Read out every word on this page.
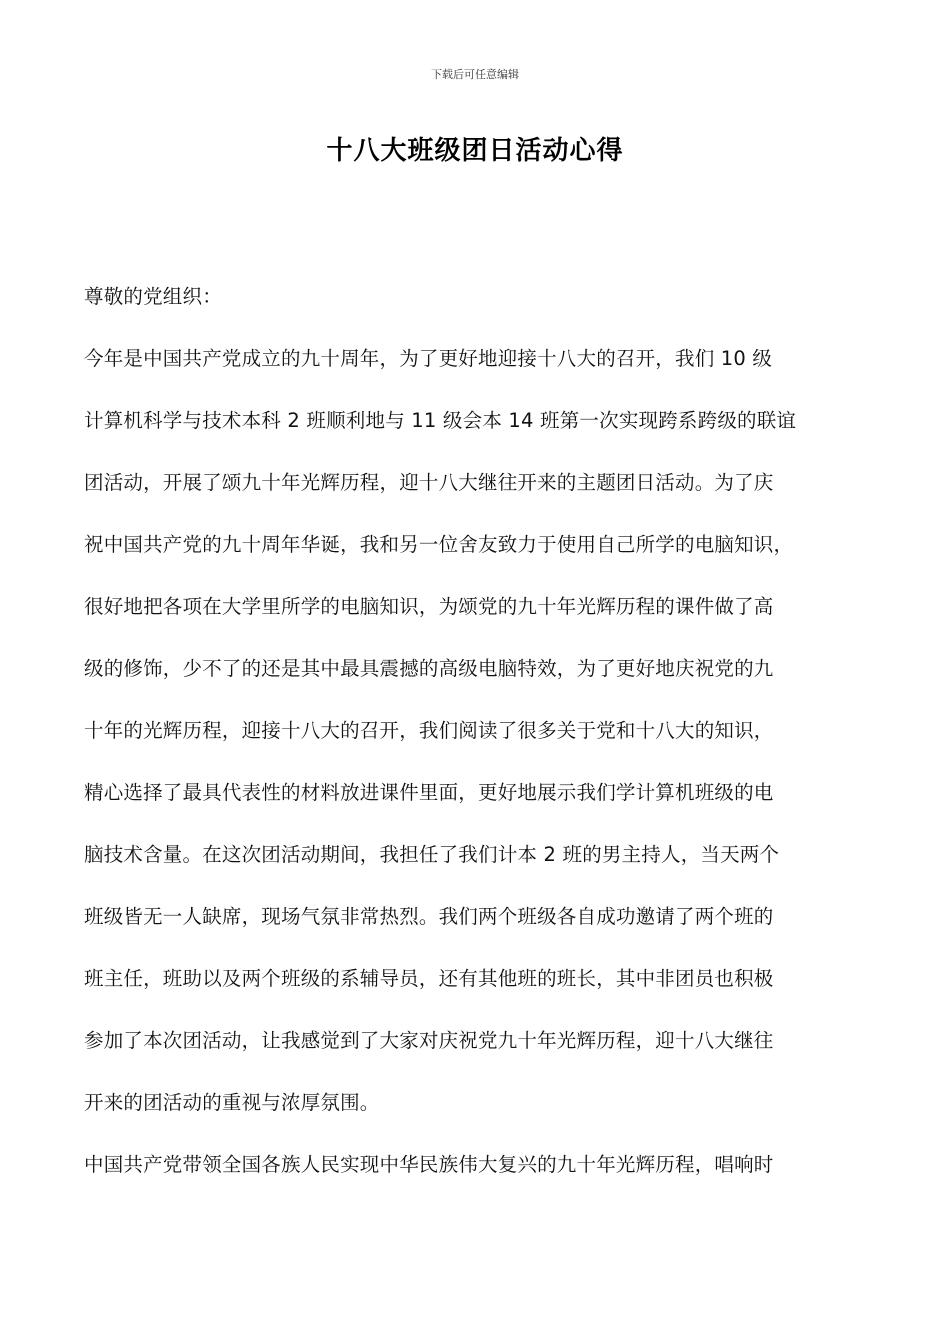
下载后可任意编辑
十八大班级团日活动心得
尊敬的党组织：
今年是中国共产党成立的九十周年，为了更好地迎接十八大的召开，我们 10 级
计算机科学与技术本科 2 班顺利地与 11 级会本 14 班第一次实现跨系跨级的联谊
团活动，开展了颂九十年光辉历程，迎十八大继往开来的主题团日活动。为了庆
祝中国共产党的九十周年华诞，我和另一位舍友致力于使用自己所学的电脑知识，
很好地把各项在大学里所学的电脑知识，为颂党的九十年光辉历程的课件做了高
级的修饰，少不了的还是其中最具震撼的高级电脑特效，为了更好地庆祝党的九
十年的光辉历程，迎接十八大的召开，我们阅读了很多关于党和十八大的知识，
精心选择了最具代表性的材料放进课件里面，更好地展示我们学计算机班级的电
脑技术含量。在这次团活动期间，我担任了我们计本 2 班的男主持人，当天两个
班级皆无一人缺席，现场气氛非常热烈。我们两个班级各自成功邀请了两个班的
班主任，班助以及两个班级的系辅导员，还有其他班的班长，其中非团员也积极
参加了本次团活动，让我感觉到了大家对庆祝党九十年光辉历程，迎十八大继往
开来的团活动的重视与浓厚氛围。
中国共产党带领全国各族人民实现中华民族伟大复兴的九十年光辉历程，唱响时
